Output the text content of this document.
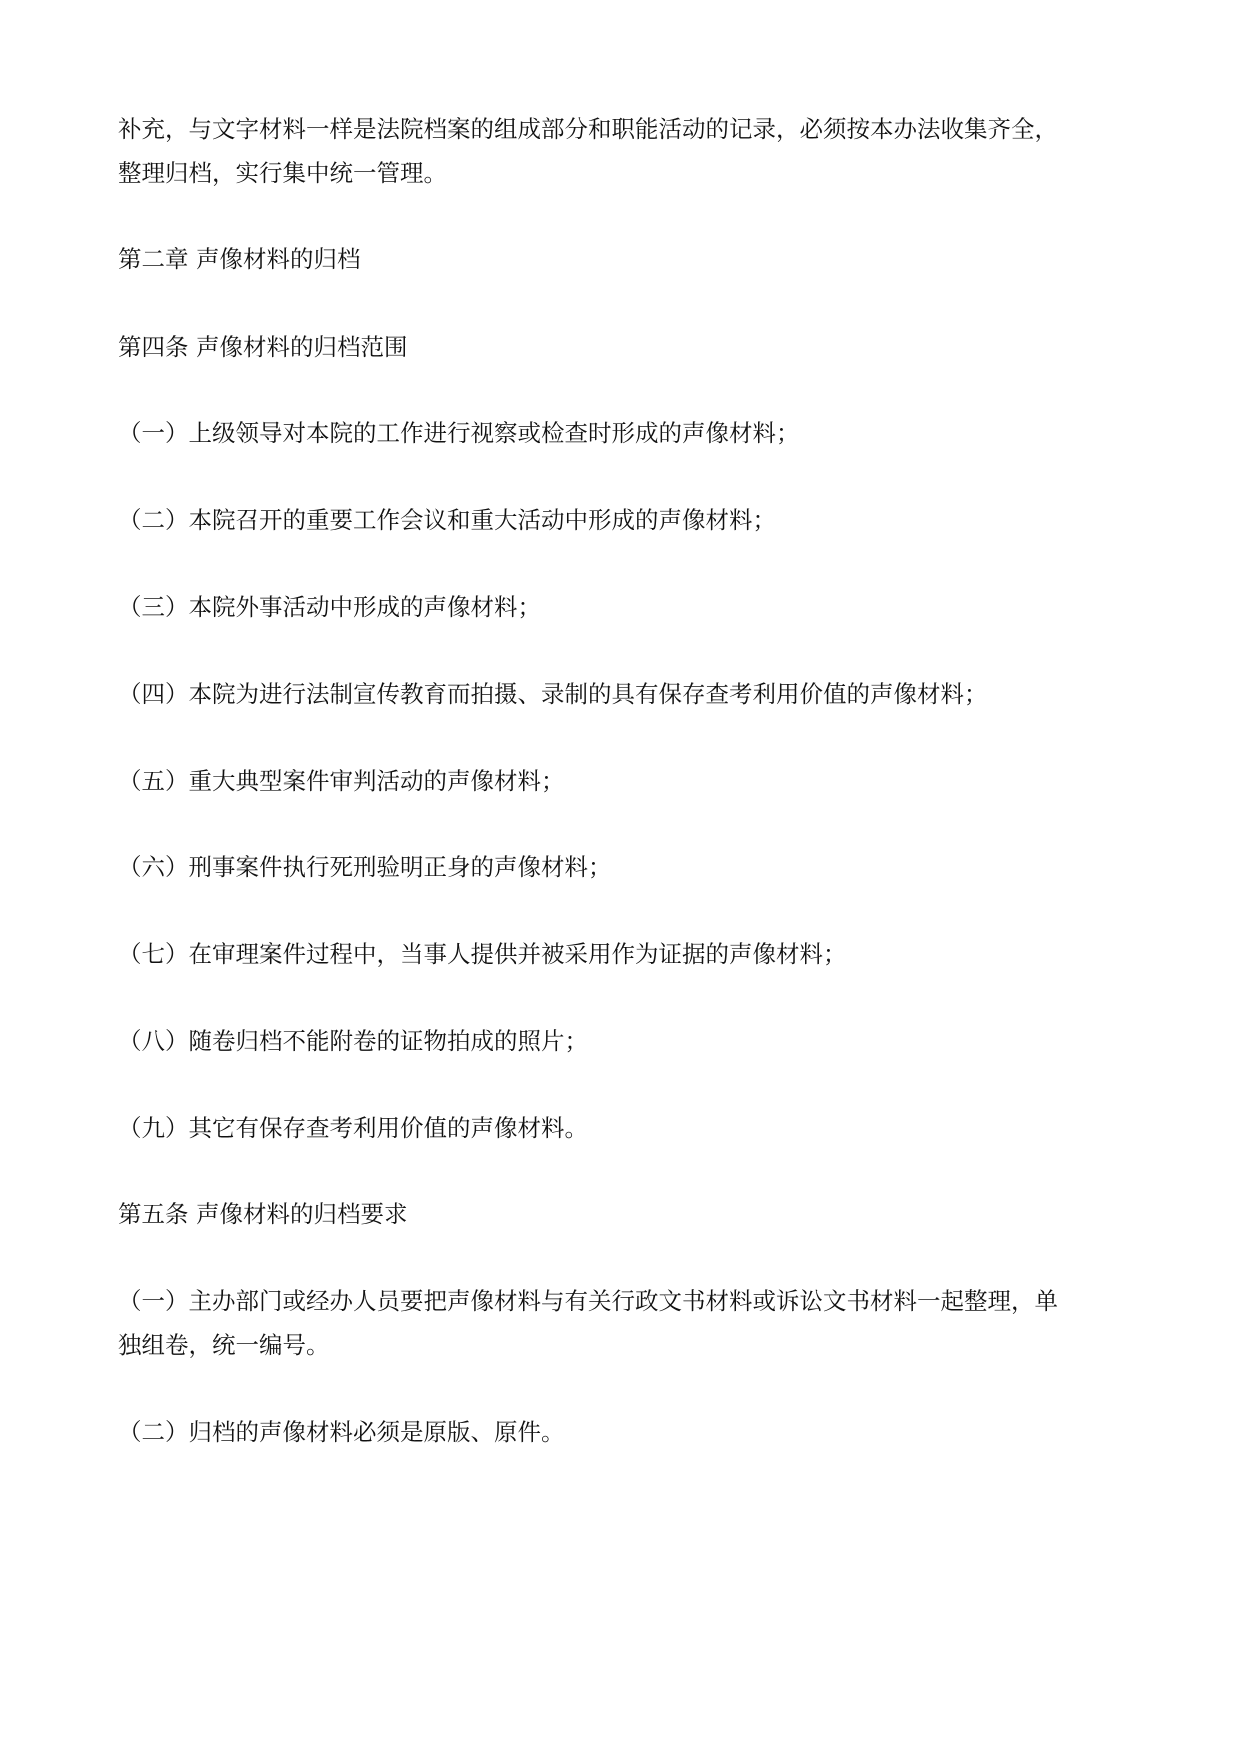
补充，与文字材料一样是法院档案的组成部分和职能活动的记录，必须按本办法收集齐全，
整理归档，实行集中统一管理。
第二章 声像材料的归档
第四条 声像材料的归档范围
（一）上级领导对本院的工作进行视察或检查时形成的声像材料；
（二）本院召开的重要工作会议和重大活动中形成的声像材料；
（三）本院外事活动中形成的声像材料；
（四）本院为进行法制宣传教育而拍摄、录制的具有保存查考利用价值的声像材料；
（五）重大典型案件审判活动的声像材料；
（六）刑事案件执行死刑验明正身的声像材料；
（七）在审理案件过程中，当事人提供并被采用作为证据的声像材料；
（八）随卷归档不能附卷的证物拍成的照片；
（九）其它有保存查考利用价值的声像材料。
第五条 声像材料的归档要求
（一）主办部门或经办人员要把声像材料与有关行政文书材料或诉讼文书材料一起整理，单
独组卷，统一编号。
（二）归档的声像材料必须是原版、原件。
